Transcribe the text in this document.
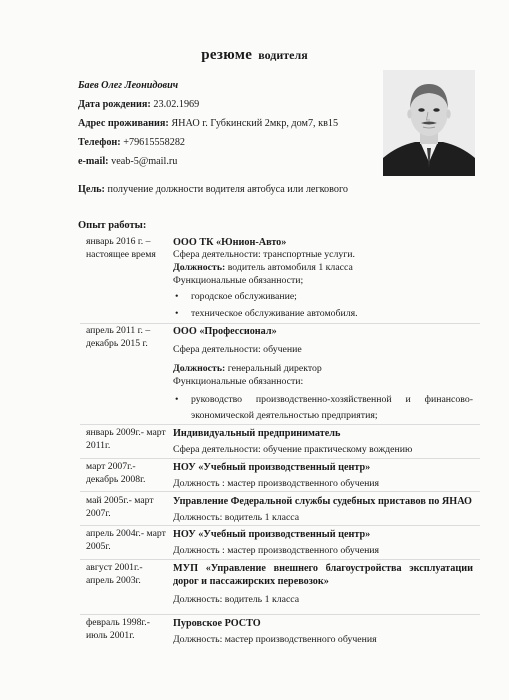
резюме водителя
Баев Олег Леонидович
Дата рождения: 23.02.1969
Адрес проживания: ЯНАО г. Губкинский 2мкр, дом7, кв15
Телефон: +79615558282
e-mail: veab-5@mail.ru
Цель: получение должности водителя автобуса или легкового
Опыт работы:
январь 2016 г. – настоящее время
ООО ТК «Юнион-Авто»
Сфера деятельности: транспортные услуги.
Должность: водитель автомобиля 1 класса
Функциональные обязанности;
• городское обслуживание;
• техническое обслуживание автомобиля.
апрель 2011 г. – декабрь 2015 г.
ООО «Профессионал»
Сфера деятельности: обучение
Должность: генеральный директор
Функциональные обязанности:
• руководство производственно-хозяйственной и финансово-
экономической деятельностью предприятия;
январь 2009г.- март 2011г.
Индивидуальный предприниматель
Сфера деятельности: обучение практическому вождению
март 2007г.- декабрь 2008г.
НОУ «Учебный производственный центр»
Должность : мастер производственного обучения
май 2005г.- март 2007г.
Управление Федеральной службы судебных приставов по ЯНАО
Должность: водитель 1 класса
апрель 2004г.- март 2005г.
НОУ «Учебный производственный центр»
Должность : мастер производственного обучения
август 2001г.- апрель 2003г.
МУП «Управление внешнего благоустройства эксплуатации
дорог и пассажирских перевозок»
Должность: водитель 1 класса
февраль 1998г.- июль 2001г.
Пуровское РОСТО
Должность: мастер производственного обучения
